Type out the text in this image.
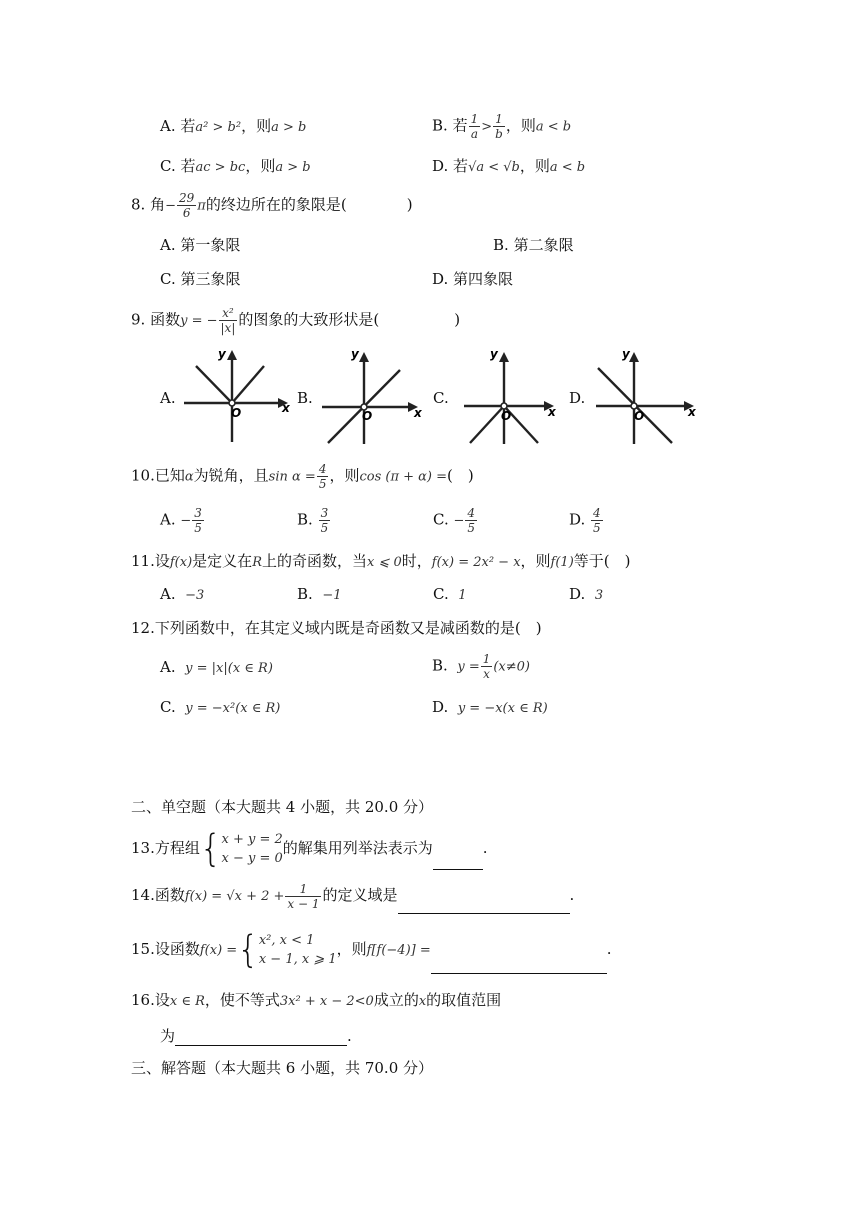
A. 若a² > b²，则a > b	B. 若 $\frac{1}{a} > \frac{1}{b}$ ，则a < b
C. 若ac > bc，则a > b	D. 若√a < √b，则a < b
8. 角− $\frac{29}{6}$ π的终边所在的象限是(　　　　)
A. 第一象限	B. 第二象限
C. 第三象限	D. 第四象限
9. 函数y = − $\frac{\text{x²}}{|x|}$ 的图象的大致形状是(　　　　　)
A.	B.	C.	D.
y
x
O
y
x
O
y
x
O
y
x
O
10.已知α为锐角，且$\sin \alpha = \frac{4}{5}$ ，则cos (π + α) =(　)
A. − $\frac{3}{5}$	B. $\frac{3}{5}$	C. − $\frac{4}{5}$	D. $\frac{4}{5}$
11.设f(x)是定义在R上的奇函数，当x ⩽ 0时，f(x) = 2x² − x，则f(1)等于(　)
A. −3	B. −1	C. 1	D. 3
12.下列函数中，在其定义域内既是奇函数又是减函数的是(　)
A. y = |x|(x ∈ R)	B. $y = \frac{1}{x} (x\ne 0)$
C. y = −x²(x ∈ R)	D. y = −x(x ∈ R)
二、单空题（本大题共 4 小题，共 20.0 分）
13.方程组{ x + y = 2
x − y = 0
的解集用列举法表示为	.
14.函数$f(x) = √x + 2 + \frac{1}{x - 1}$ 的定义域是	.
15.设函数f(x) ={ x², x < 1
x − 1, x ⩾ 1
，则f[f(−4)] =	.
16.设x ∈ R，使不等式3x² + x − 2<0成立的x的取值范围
为	.
三、解答题（本大题共 6 小题，共 70.0 分）
